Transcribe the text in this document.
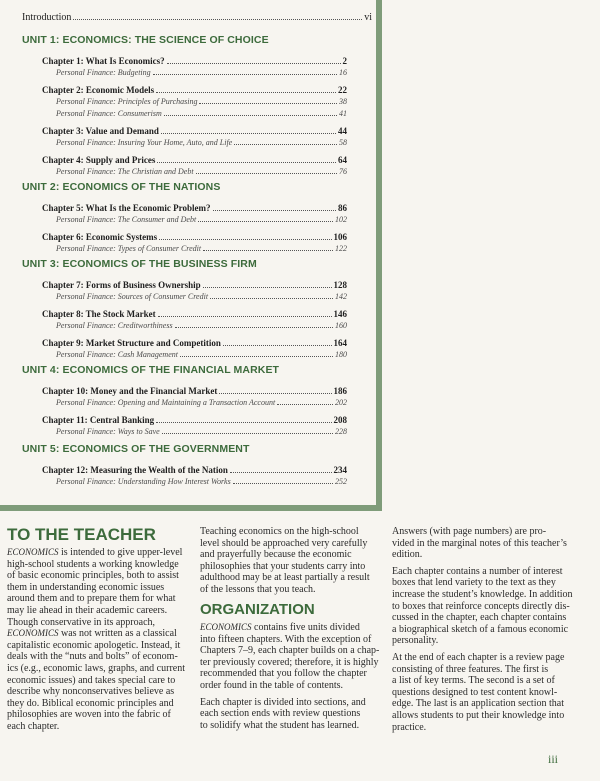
Introduction	vi
UNIT 1: ECONOMICS: THE SCIENCE OF CHOICE
Chapter 1: What Is Economics?	2
Personal Finance: Budgeting	16
Chapter 2: Economic Models	22
Personal Finance: Principles of Purchasing	38
Personal Finance: Consumerism	41
Chapter 3: Value and Demand	44
Personal Finance: Insuring Your Home, Auto, and Life	58
Chapter 4: Supply and Prices	64
Personal Finance: The Christian and Debt	76
UNIT 2: ECONOMICS OF THE NATIONS
Chapter 5: What Is the Economic Problem?	86
Personal Finance: The Consumer and Debt	102
Chapter 6: Economic Systems	106
Personal Finance: Types of Consumer Credit	122
UNIT 3: ECONOMICS OF THE BUSINESS FIRM
Chapter 7: Forms of Business Ownership	128
Personal Finance: Sources of Consumer Credit	142
Chapter 8: The Stock Market	146
Personal Finance: Creditworthiness	160
Chapter 9: Market Structure and Competition	164
Personal Finance: Cash Management	180
UNIT 4: ECONOMICS OF THE FINANCIAL MARKET
Chapter 10: Money and the Financial Market	186
Personal Finance: Opening and Maintaining a Transaction Account	202
Chapter 11: Central Banking	208
Personal Finance: Ways to Save	228
UNIT 5: ECONOMICS OF THE GOVERNMENT
Chapter 12: Measuring the Wealth of the Nation	234
Personal Finance: Understanding How Interest Works	252
TO THE TEACHER
ECONOMICS is intended to give upper-level
high-school students a working knowledge
of basic economic principles, both to assist
them in understanding economic issues
around them and to prepare them for what
may lie ahead in their academic careers.
Though conservative in its approach,
ECONOMICS was not written as a classical
capitalistic economic apologetic. Instead, it
deals with the “nuts and bolts” of econom-
ics (e.g., economic laws, graphs, and current
economic issues) and takes special care to
describe why nonconservatives believe as
they do. Biblical economic principles and
philosophies are woven into the fabric of
each chapter.
Teaching economics on the high-school
level should be approached very carefully
and prayerfully because the economic
philosophies that your students carry into
adulthood may be at least partially a result
of the lessons that you teach.
ORGANIZATION
ECONOMICS contains five units divided
into fifteen chapters. With the exception of
Chapters 7–9, each chapter builds on a chap-
ter previously covered; therefore, it is highly
recommended that you follow the chapter
order found in the table of contents.
Each chapter is divided into sections, and
each section ends with review questions
to solidify what the student has learned.
Answers (with page numbers) are pro-
vided in the marginal notes of this teacher’s
edition.
Each chapter contains a number of interest
boxes that lend variety to the text as they
increase the student’s knowledge. In addition
to boxes that reinforce concepts directly dis-
cussed in the chapter, each chapter contains
a biographical sketch of a famous economic
personality.
At the end of each chapter is a review page
consisting of three features. The first is
a list of key terms. The second is a set of
questions designed to test content knowl-
edge. The last is an application section that
allows students to put their knowledge into
practice.
iii
